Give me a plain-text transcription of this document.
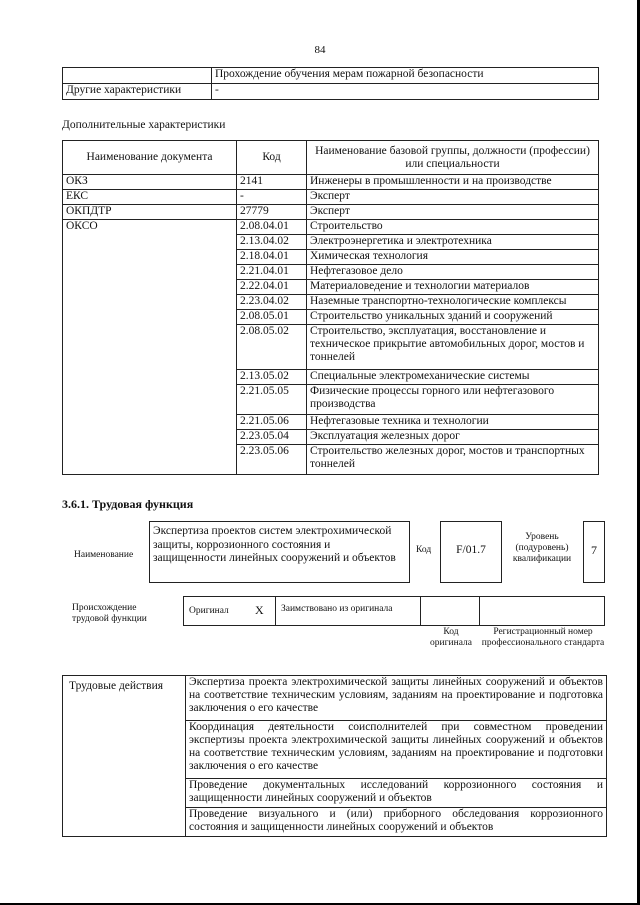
84
	Прохождение обучения мерам пожарной безопасности
Другие характеристики	-
Дополнительные характеристики
Наименование документа	Код	Наименование базовой группы, должности (профессии) или специальности
ОКЗ	2141	Инженеры в промышленности и на производстве
ЕКС	-	Эксперт
ОКПДТР	27779	Эксперт
ОКСО	2.08.04.01	Строительство
	2.13.04.02	Электроэнергетика и электротехника
	2.18.04.01	Химическая технология
	2.21.04.01	Нефтегазовое дело
	2.22.04.01	Материаловедение и технологии материалов
	2.23.04.02	Наземные транспортно-технологические комплексы
	2.08.05.01	Строительство уникальных зданий и сооружений
	2.08.05.02	Строительство, эксплуатация, восстановление и техническое прикрытие автомобильных дорог, мостов и тоннелей
	2.13.05.02	Специальные электромеханические системы
	2.21.05.05	Физические процессы горного или нефтегазового производства
	2.21.05.06	Нефтегазовые техника и технологии
	2.23.05.04	Эксплуатация железных дорог
	2.23.05.06	Строительство железных дорог, мостов и транспортных тоннелей
3.6.1. Трудовая функция
Наименование
Экспертиза проектов систем электрохимической защиты, коррозионного состояния и защищенности линейных сооружений и объектов
Код	F/01.7
Уровень (подуровень) квалификации
7
Происхождение трудовой функции
Оригинал X Заимствовано из оригинала
Код оригинала
Регистрационный номер профессионального стандарта
Трудовые действия	Экспертиза проекта электрохимической защиты линейных сооружений и объектов на соответствие техническим условиям, заданиям на проектирование и подготовка заключения о его качестве
Координация деятельности соисполнителей при совместном проведении экспертизы проекта электрохимической защиты линейных сооружений и объектов на соответствие техническим условиям, заданиям на проектирование и подготовки заключения о его качестве
Проведение документальных исследований коррозионного состояния и защищенности линейных сооружений и объектов
Проведение визуального и (или) приборного обследования коррозионного состояния и защищенности линейных сооружений и объектов
